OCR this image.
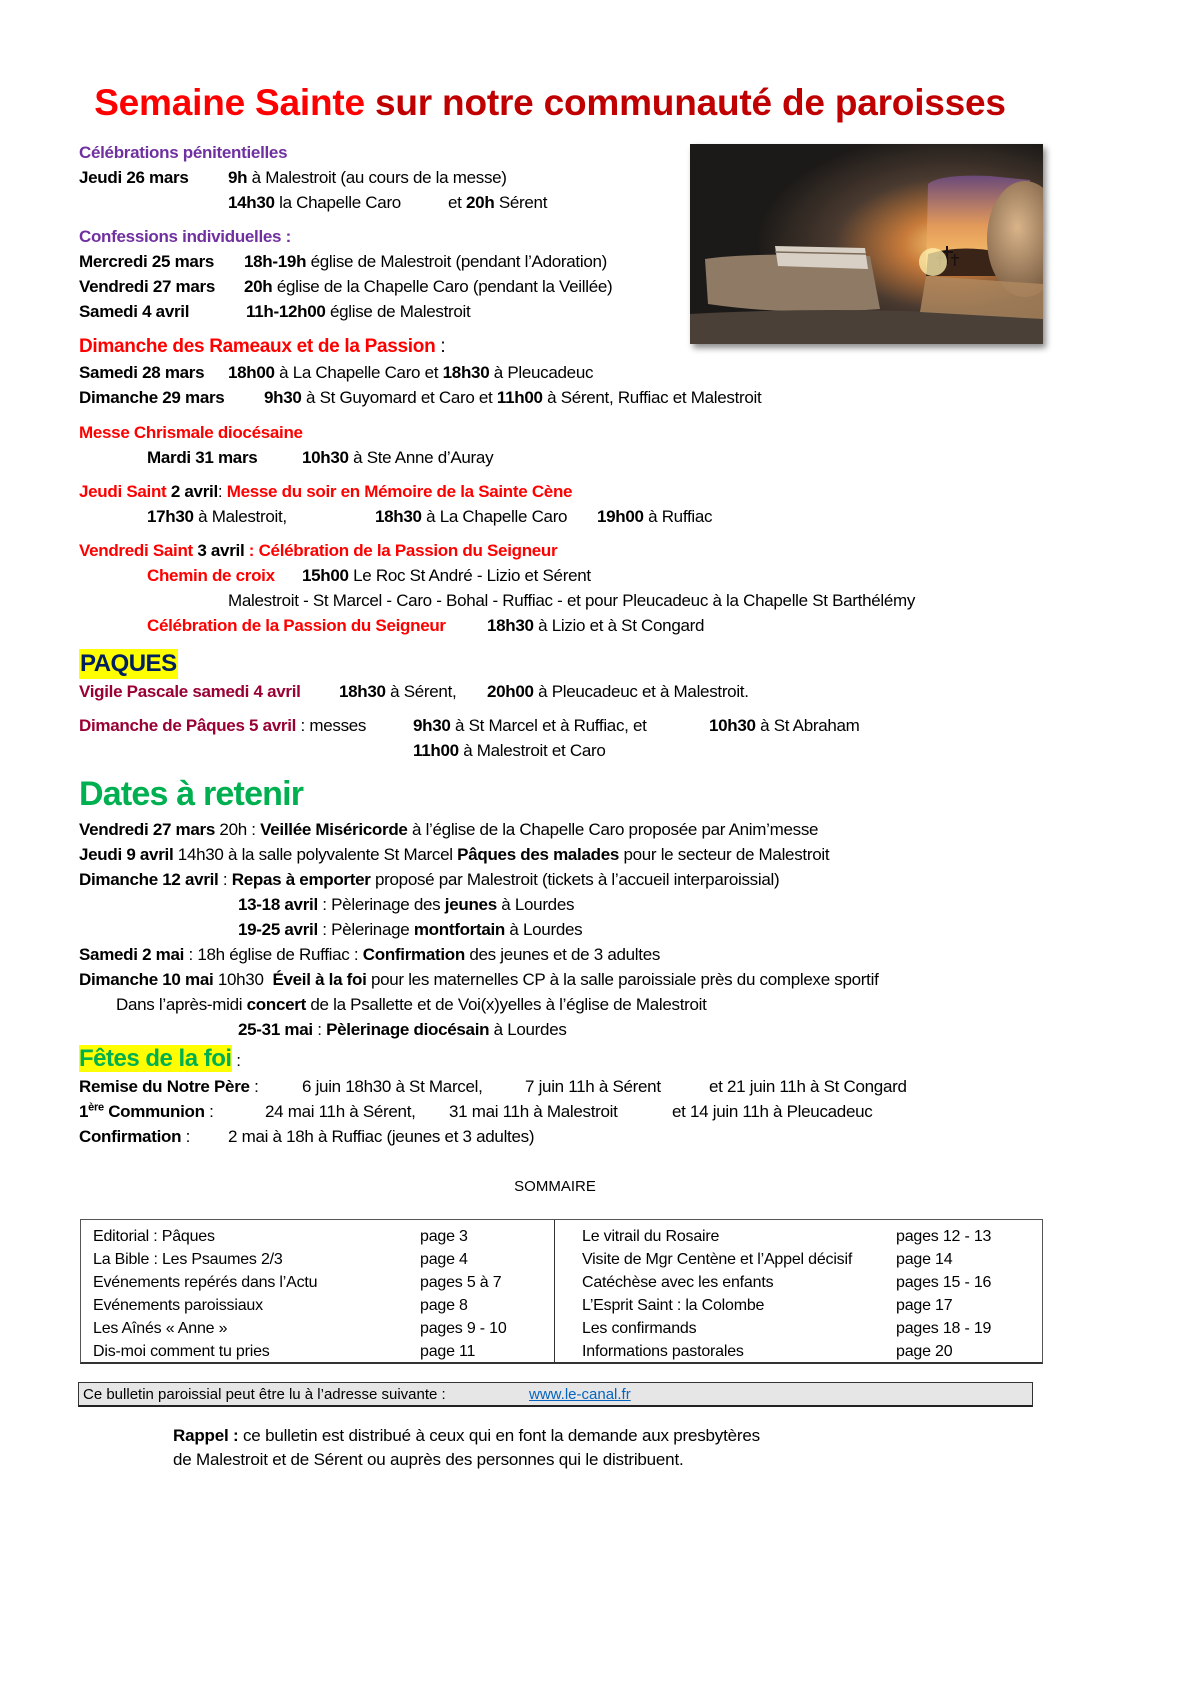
Semaine Sainte sur notre communauté de paroisses
Célébrations pénitentielles
Jeudi 26 mars 9h à Malestroit (au cours de la messe)
14h30 la Chapelle Caro	et 20h Sérent
Confessions individuelles :
Mercredi 25 mars 18h-19h église de Malestroit (pendant l’Adoration)
Vendredi 27 mars 20h église de la Chapelle Caro (pendant la Veillée)
Samedi 4 avril	11h-12h00 église de Malestroit
Dimanche des Rameaux et de la Passion :
Samedi 28 mars 18h00 à La Chapelle Caro et 18h30 à Pleucadeuc
Dimanche 29 mars 9h30 à St Guyomard et Caro et 11h00 à Sérent, Ruffiac et Malestroit
Messe Chrismale diocésaine
Mardi 31 mars	10h30 à Ste Anne d’Auray
Jeudi Saint 2 avril: Messe du soir en Mémoire de la Sainte Cène
17h30 à Malestroit,	18h30 à La Chapelle Caro 19h00 à Ruffiac
Vendredi Saint 3 avril : Célébration de la Passion du Seigneur
Chemin de croix 15h00 Le Roc St André - Lizio et Sérent
Malestroit - St Marcel - Caro - Bohal - Ruffiac - et pour Pleucadeuc à la Chapelle St Barthélémy
Célébration de la Passion du Seigneur 18h30 à Lizio et à St Congard
PAQUES
Vigile Pascale samedi 4 avril 18h30 à Sérent, 20h00 à Pleucadeuc et à Malestroit.
Dimanche de Pâques 5 avril : messes	9h30 à St Marcel et à Ruffiac, et	10h30 à St Abraham
11h00 à Malestroit et Caro
Dates à retenir
Vendredi 27 mars 20h : Veillée Miséricorde à l’église de la Chapelle Caro proposée par Anim’messe
Jeudi 9 avril 14h30 à la salle polyvalente St Marcel Pâques des malades pour le secteur de Malestroit
Dimanche 12 avril : Repas à emporter proposé par Malestroit (tickets à l’accueil interparoissial)
13-18 avril : Pèlerinage des jeunes à Lourdes
19-25 avril : Pèlerinage montfortain à Lourdes
Samedi 2 mai : 18h église de Ruffiac : Confirmation des jeunes et de 3 adultes
Dimanche 10 mai 10h30  Éveil à la foi pour les maternelles CP à la salle paroissiale près du complexe sportif
Dans l’après-midi concert de la Psallette et de Voi(x)yelles à l’église de Malestroit
25-31 mai : Pèlerinage diocésain à Lourdes
Fêtes de la foi :
Remise du Notre Père :	6 juin 18h30 à St Marcel, 7 juin 11h à Sérent	et 21 juin 11h à St Congard
1ère Communion :	24 mai 11h à Sérent, 31 mai 11h à Malestroit	et 14 juin 11h à Pleucadeuc
Confirmation : 2 mai à 18h à Ruffiac (jeunes et 3 adultes)
SOMMAIRE
Editorial : Pâques	page 3
La Bible : Les Psaumes 2/3	page 4
Evénements repérés dans l’Actu	pages 5 à 7
Evénements paroissiaux	page 8
Les Aînés « Anne »	pages 9 - 10
Dis-moi comment tu pries	page 11
Le vitrail du Rosaire	pages 12 - 13
Visite de Mgr Centène et l’Appel décisif	page 14
Catéchèse avec les enfants	pages 15 - 16
L’Esprit Saint : la Colombe	page 17
Les confirmands	pages 18 - 19
Informations pastorales	page 20
Ce bulletin paroissial peut être lu à l’adresse suivante :	www.le-canal.fr
Rappel : ce bulletin est distribué à ceux qui en font la demande aux presbytères
de Malestroit et de Sérent ou auprès des personnes qui le distribuent.
